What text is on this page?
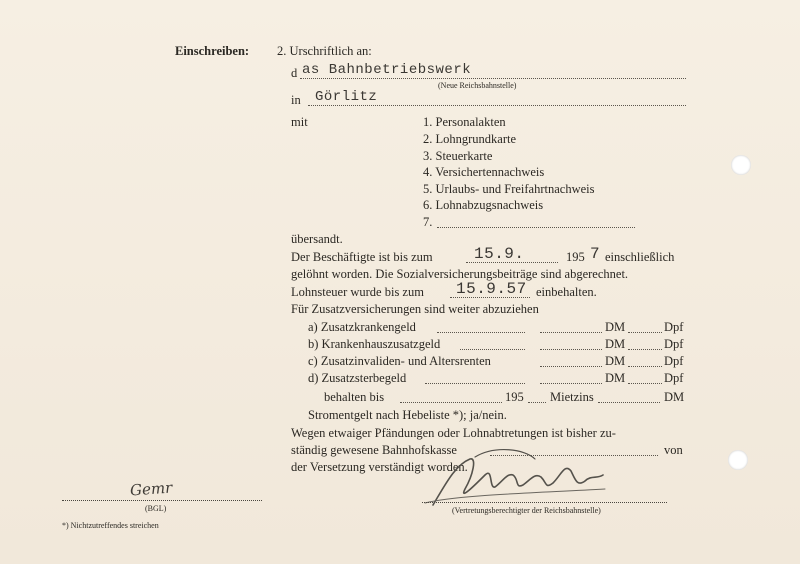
Einschreiben: 2. Urschriftlich an:
d as Bahnbetriebswerk
(Neue Reichsbahnstelle)
in Görlitz
mit	1. Personalakten
2. Lohngrundkarte
3. Steuerkarte
4. Versichertennachweis
5. Urlaubs- und Freifahrtnachweis
6. Lohnabzugsnachweis
7.
übersandt.
Der Beschäftigte ist bis zum	15.9.	195 7 einschließlich
gelöhnt worden. Die Sozialversicherungsbeiträge sind abgerechnet.
Lohnsteuer wurde bis zum 15.9.57 einbehalten.
Für Zusatzversicherungen sind weiter abzuziehen
a) Zusatzkrankengeld	DM	Dpf
b) Krankenhauszusatzgeld	DM	Dpf
c) Zusatzinvaliden- und Altersrenten	DM	Dpf
d) Zusatzsterbegeld	DM	Dpf
behalten bis	195 Mietzins	DM
Stromentgelt nach Hebeliste *); ja/nein.
Wegen etwaiger Pfändungen oder Lohnabtretungen ist bisher zu-
ständig gewesene Bahnhofskasse	von
der Versetzung verständigt worden.
Gemr
(BGL)	(Vertretungsberechtigter der Reichsbahnstelle)
*) Nichtzutreffendes streichen
